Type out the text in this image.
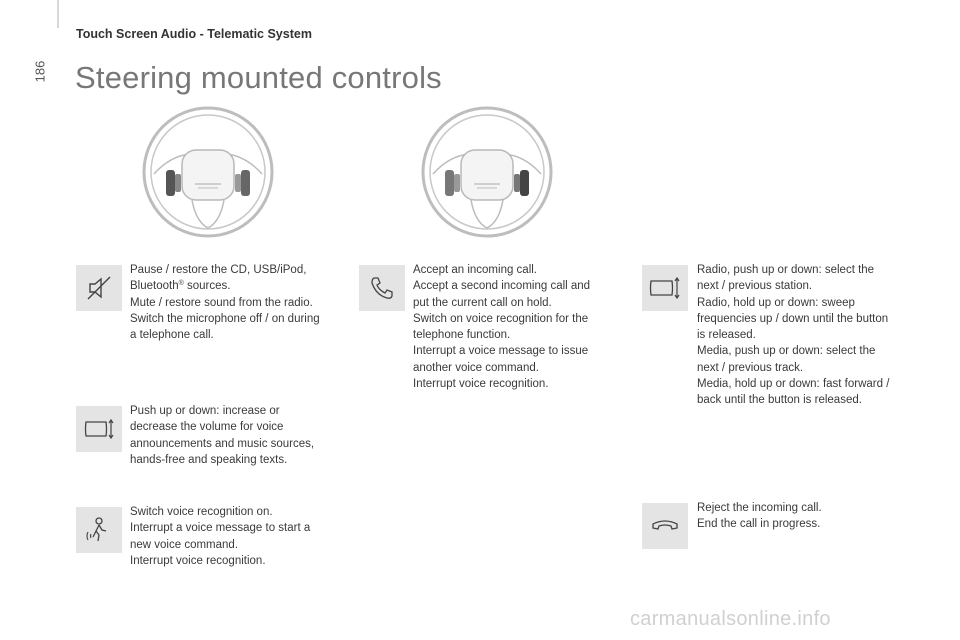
186
Touch Screen Audio - Telematic System
Steering mounted controls
Pause / restore the CD, USB/iPod,
Bluetooth® sources.
Mute / restore sound from the radio.
Switch the microphone off / on during
a telephone call.
Push up or down: increase or
decrease the volume for voice
announcements and music sources,
hands-free and speaking texts.
Switch voice recognition on.
Interrupt a voice message to start a
new voice command.
Interrupt voice recognition.
Accept an incoming call.
Accept a second incoming call and
put the current call on hold.
Switch on voice recognition for the
telephone function.
Interrupt a voice message to issue
another voice command.
Interrupt voice recognition.
Radio, push up or down: select the
next / previous station.
Radio, hold up or down: sweep
frequencies up / down until the button
is released.
Media, push up or down: select the
next / previous track.
Media, hold up or down: fast forward /
back until the button is released.
Reject the incoming call.
End the call in progress.
carmanualsonline.info
